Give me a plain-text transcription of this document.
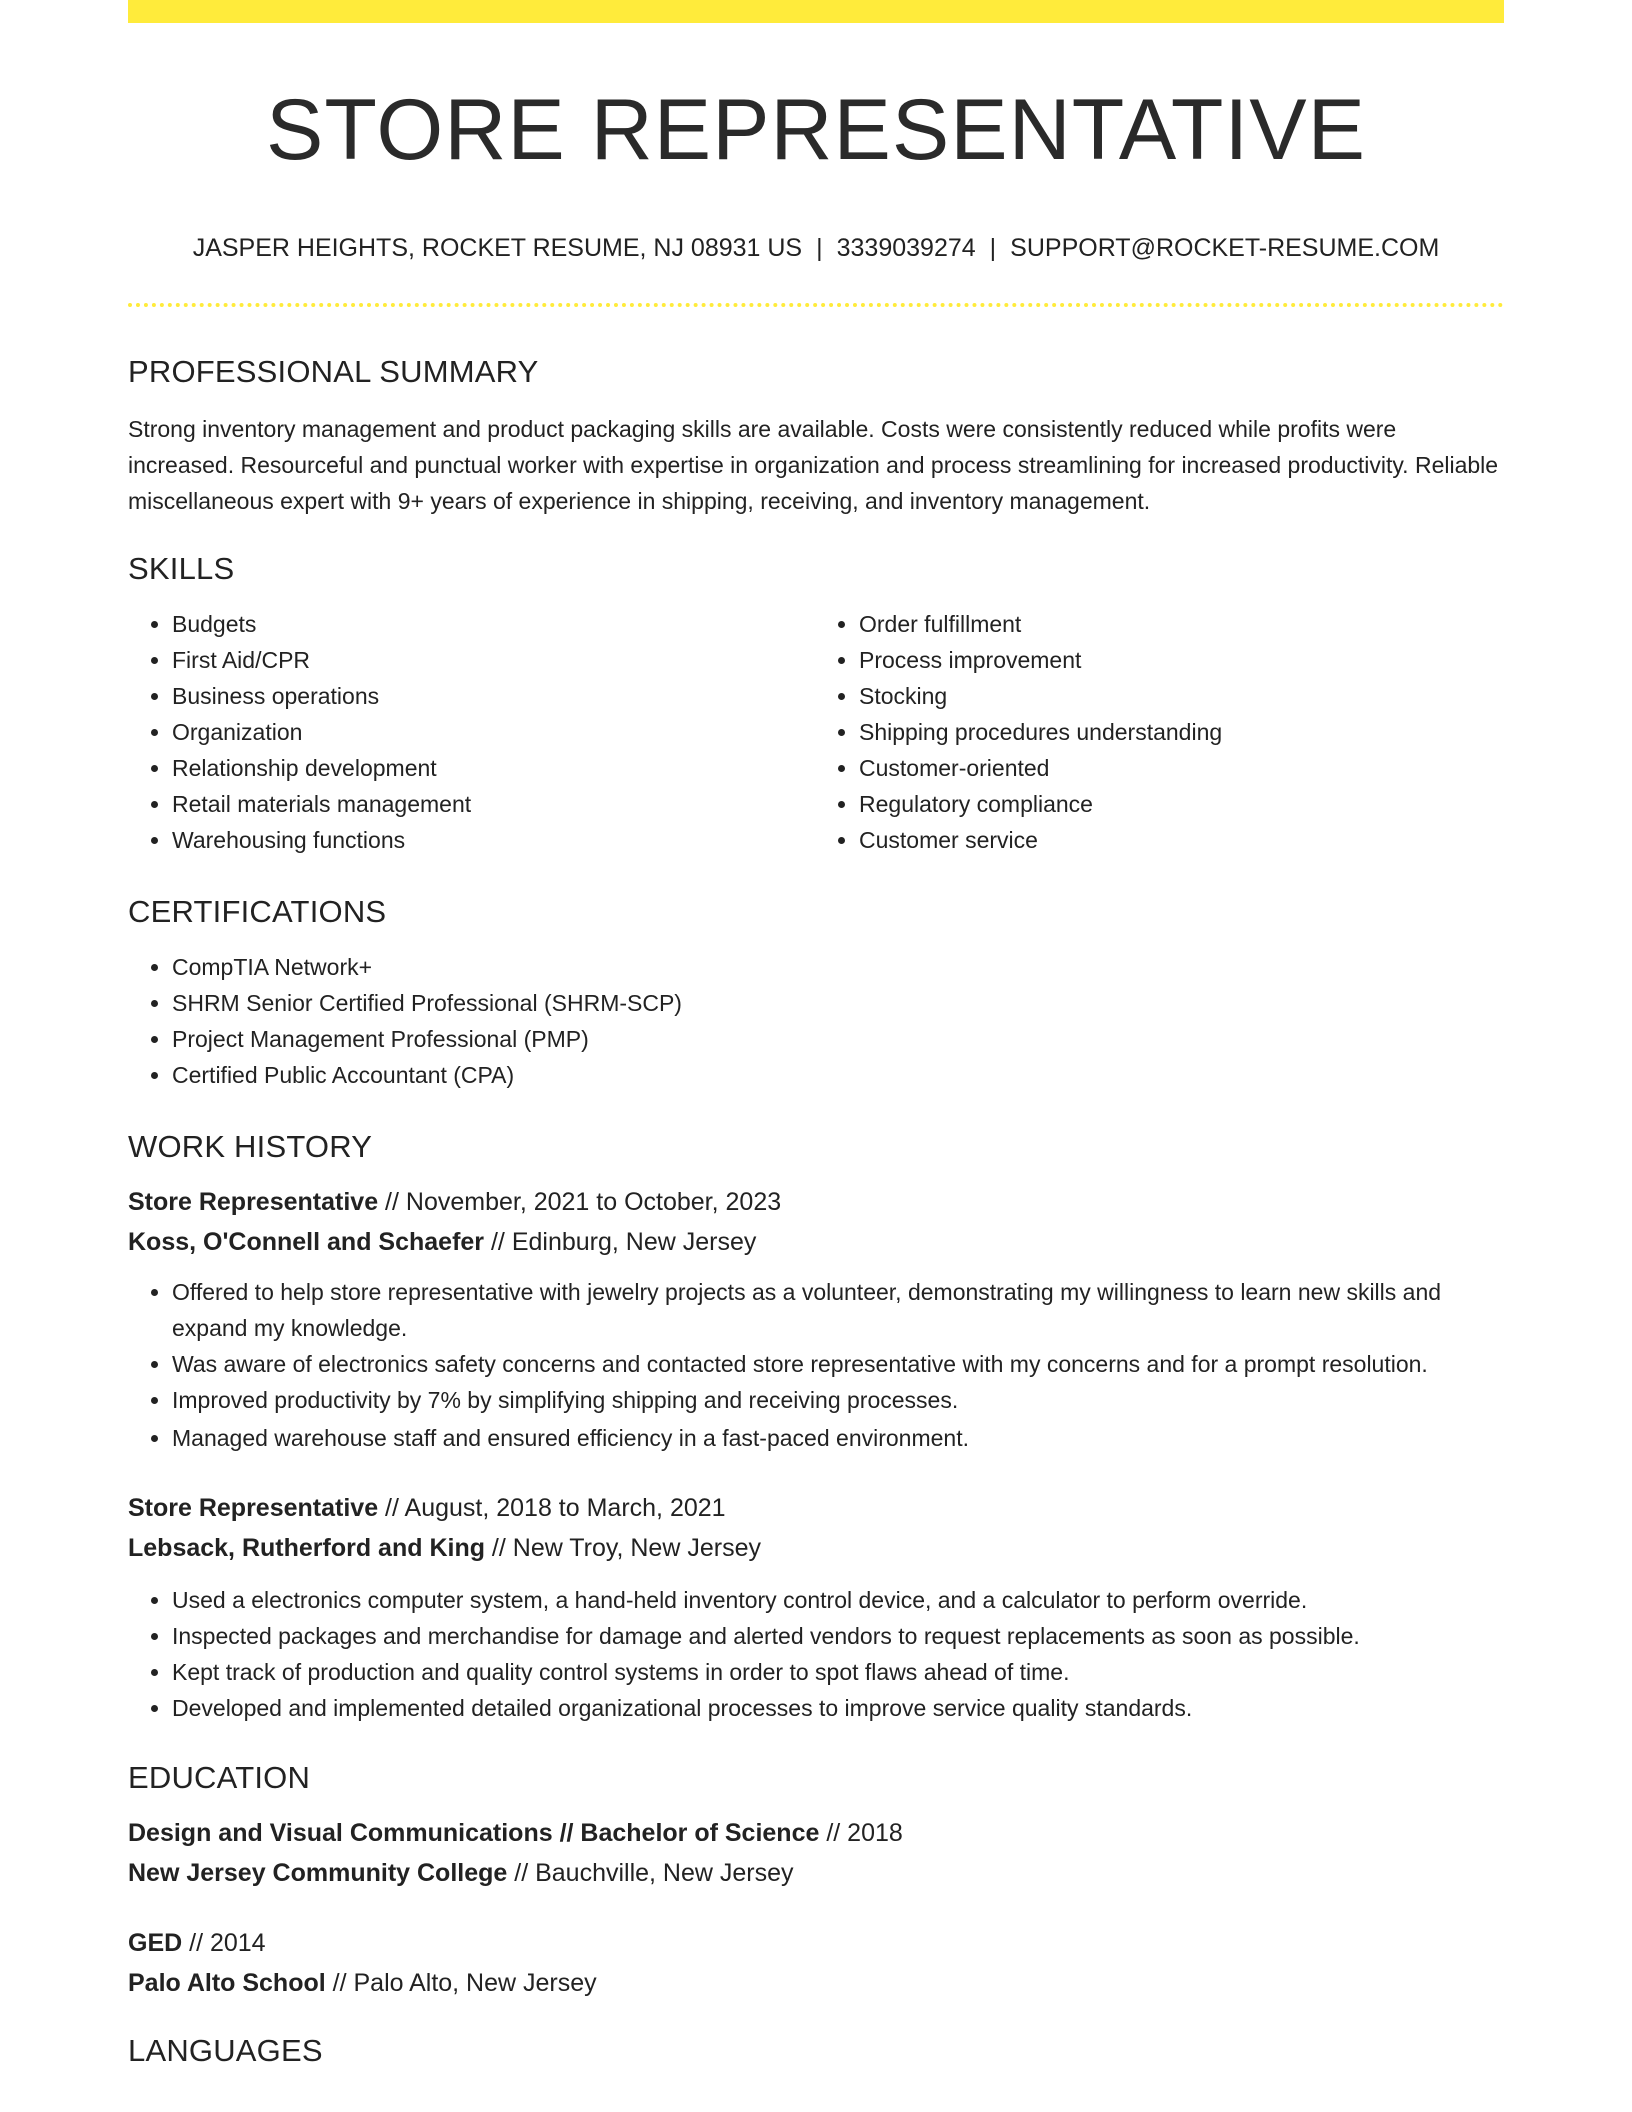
STORE REPRESENTATIVE
JASPER HEIGHTS, ROCKET RESUME, NJ 08931 US | 3339039274 | SUPPORT@ROCKET-RESUME.COM
PROFESSIONAL SUMMARY

Strong inventory management and product packaging skills are available. Costs were consistently reduced while profits were increased. Resourceful and punctual worker with expertise in organization and process streamlining for increased productivity. Reliable miscellaneous expert with 9+ years of experience in shipping, receiving, and inventory management.

SKILLS
• Budgets
• First Aid/CPR
• Business operations
• Organization
• Relationship development
• Retail materials management
• Warehousing functions
• Order fulfillment
• Process improvement
• Stocking
• Shipping procedures understanding
• Customer-oriented
• Regulatory compliance
• Customer service
CERTIFICATIONS
• CompTIA Network+
• SHRM Senior Certified Professional (SHRM-SCP)
• Project Management Professional (PMP)
• Certified Public Accountant (CPA)
WORK HISTORY
Store Representative // November, 2021 to October, 2023
Koss, O'Connell and Schaefer // Edinburg, New Jersey
• Offered to help store representative with jewelry projects as a volunteer, demonstrating my willingness to learn new skills and expand my knowledge.
• Was aware of electronics safety concerns and contacted store representative with my concerns and for a prompt resolution.
• Improved productivity by 7% by simplifying shipping and receiving processes.
• Managed warehouse staff and ensured efficiency in a fast-paced environment.
Store Representative // August, 2018 to March, 2021
Lebsack, Rutherford and King // New Troy, New Jersey
• Used a electronics computer system, a hand-held inventory control device, and a calculator to perform override.
• Inspected packages and merchandise for damage and alerted vendors to request replacements as soon as possible.
• Kept track of production and quality control systems in order to spot flaws ahead of time.
• Developed and implemented detailed organizational processes to improve service quality standards.
EDUCATION
Design and Visual Communications // Bachelor of Science // 2018
New Jersey Community College // Bauchville, New Jersey
GED // 2014
Palo Alto School // Palo Alto, New Jersey
LANGUAGES
